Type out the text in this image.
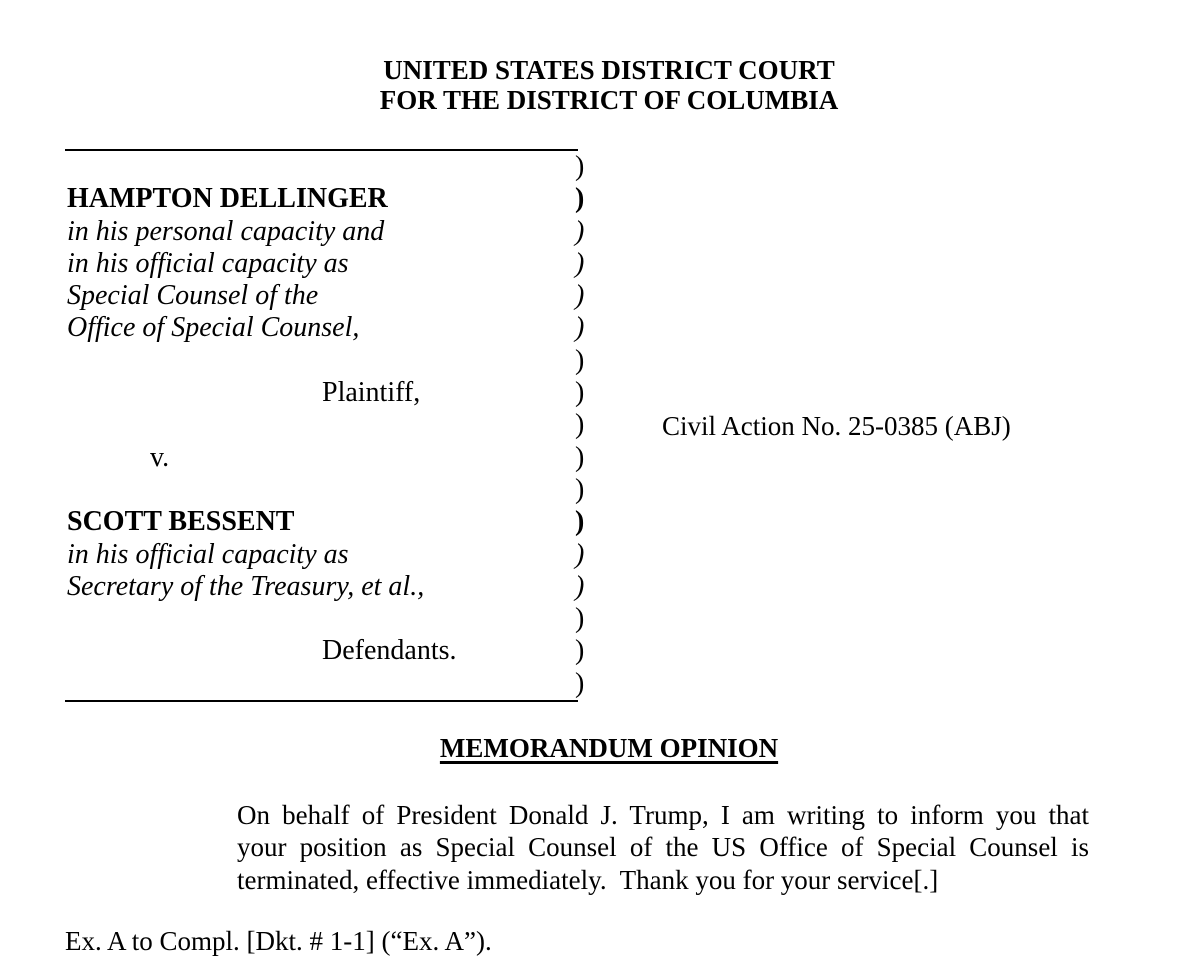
UNITED STATES DISTRICT COURT
FOR THE DISTRICT OF COLUMBIA
)
HAMPTON DELLINGER	)
in his personal capacity and	)
in his official capacity as	)
Special Counsel of the	)
Office of Special Counsel,	)
)
Plaintiff,	)
)
v.	)
)
SCOTT BESSENT	)
in his official capacity as	)
Secretary of the Treasury, et al.,	)
)
Defendants.	)
)
Civil Action No. 25-0385 (ABJ)
MEMORANDUM OPINION
On behalf of President Donald J. Trump, I am writing to inform you that
your position as Special Counsel of the US Office of Special Counsel is
terminated, effective immediately.  Thank you for your service[.]
Ex. A to Compl. [Dkt. # 1-1] (“Ex. A”).
